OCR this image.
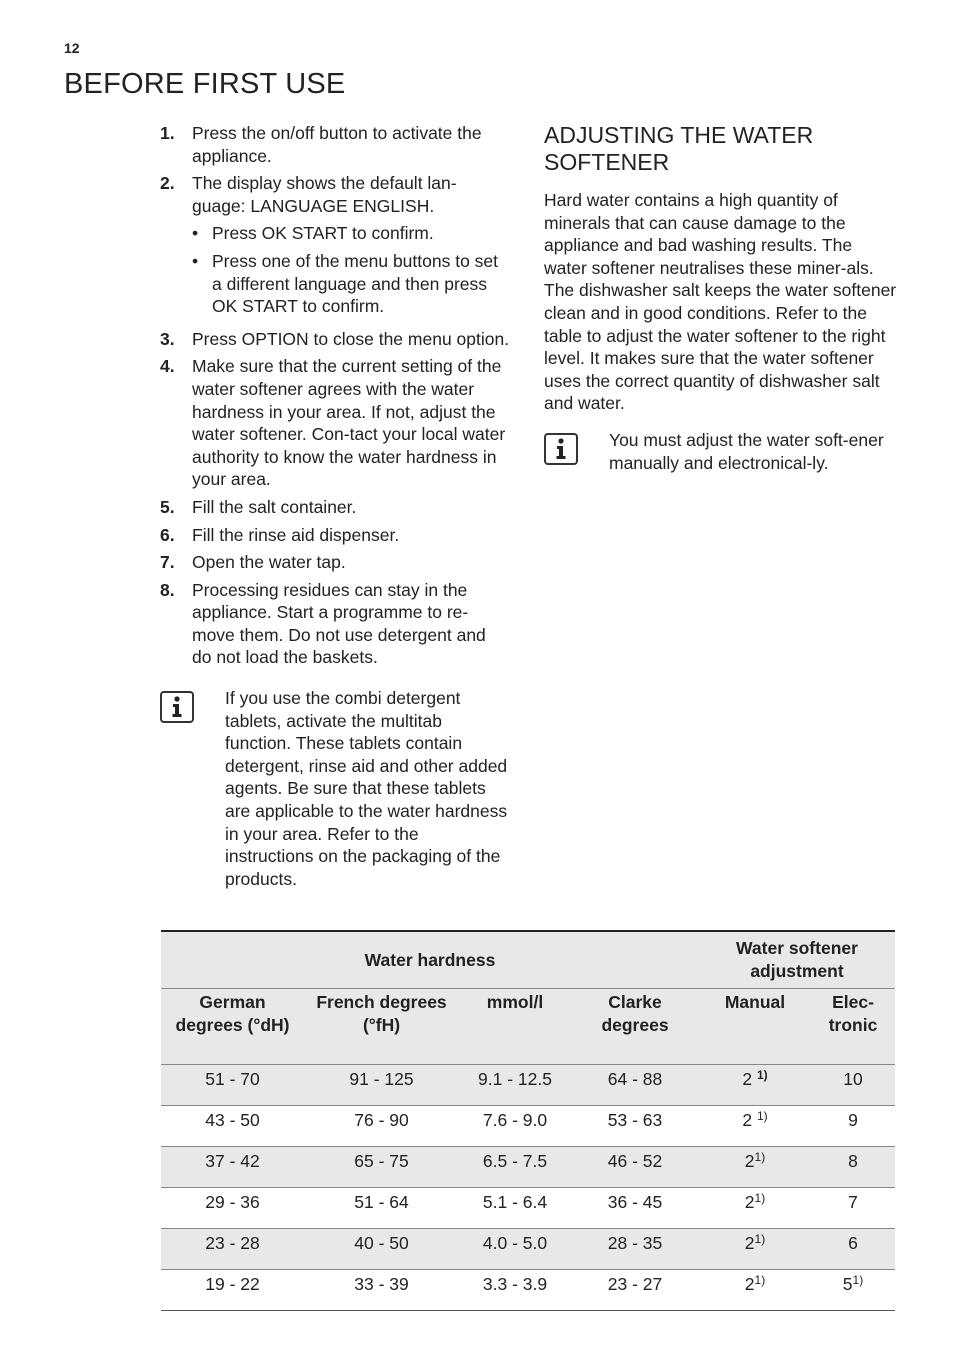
12
BEFORE FIRST USE
1. Press the on/off button to activate the appliance.
2. The display shows the default lan-guage: LANGUAGE ENGLISH.
• Press OK START to confirm.
• Press one of the menu buttons to set a different language and then press OK START to confirm.
3. Press OPTION to close the menu option.
4. Make sure that the current setting of the water softener agrees with the water hardness in your area. If not, adjust the water softener. Con-tact your local water authority to know the water hardness in your area.
5. Fill the salt container.
6. Fill the rinse aid dispenser.
7. Open the water tap.
8. Processing residues can stay in the appliance. Start a programme to re-move them. Do not use detergent and do not load the baskets.
If you use the combi detergent tablets, activate the multitab function. These tablets contain detergent, rinse aid and other added agents. Be sure that these tablets are applicable to the water hardness in your area. Refer to the instructions on the packaging of the products.
ADJUSTING THE WATER SOFTENER

Hard water contains a high quantity of minerals that can cause damage to the appliance and bad washing results. The water softener neutralises these miner-als.

The dishwasher salt keeps the water softener clean and in good conditions. Refer to the table to adjust the water softener to the right level. It makes sure that the water softener uses the correct quantity of dishwasher salt and water.

You must adjust the water soft-ener manually and electronical-ly.
Water hardness				Water softener adjustment	
German degrees (°dH)	French degrees (°fH)	mmol/l	Clarke degrees	Manual	Elec-tronic
51 - 70	91 - 125	9.1 - 12.5	64 - 88	2 $^{1)}$	10
43 - 50	76 - 90	7.6 - 9.0	53 - 63	2 $^{1)}$	9
37 - 42	65 - 75	6.5 - 7.5	46 - 52	2$^{1)}$	8
29 - 36	51 - 64	5.1 - 6.4	36 - 45	2$^{1)}$	7
23 - 28	40 - 50	4.0 - 5.0	28 - 35	2$^{1)}$	6
19 - 22	33 - 39	3.3 - 3.9	23 - 27	2$^{1)}$	5$^{1)}$
